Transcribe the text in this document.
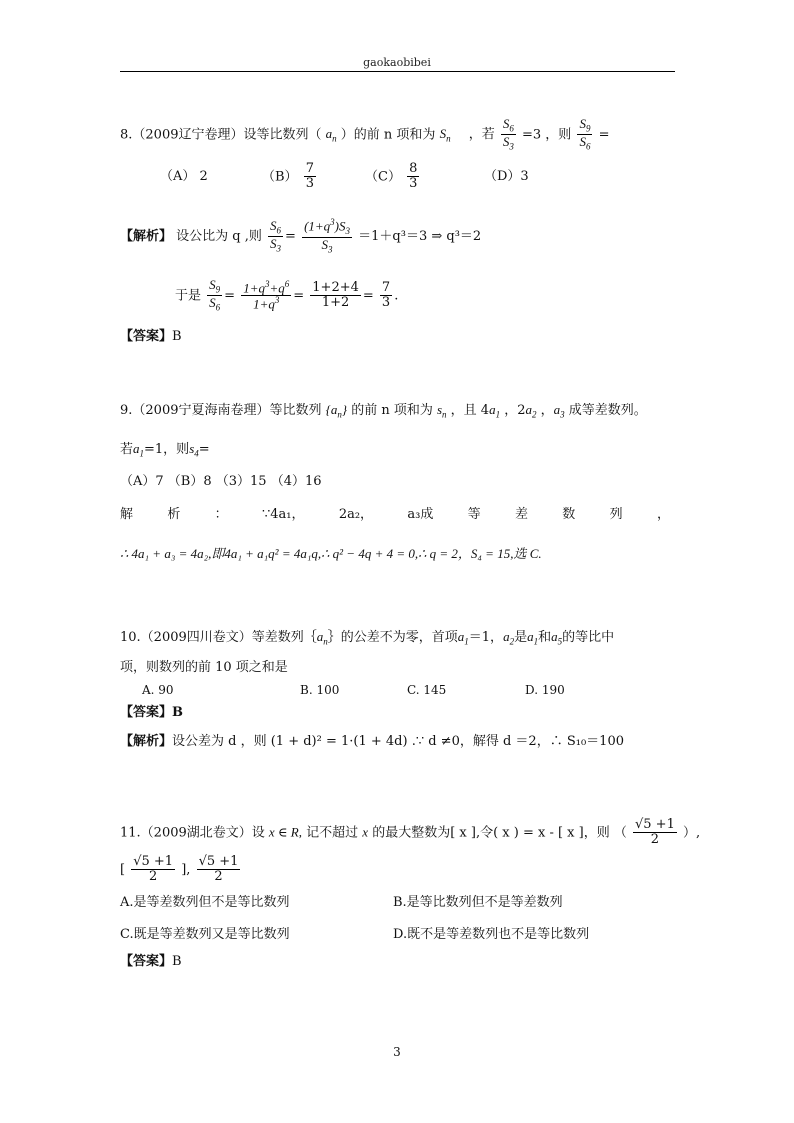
gaokaobibei
8.（2009辽宁卷理）设等比数列（ $a_n$ ）的前 n 项和为 $S_n$ ，若 $\frac{S_6}{S_3} =3$ ，则 $\frac{S_9}{S_6}$ =
（A） 2	$(B) \frac{7}{3}$	$(C) \frac{8}{3}$	（D）3
【解析】 设公比为 q ,则 $\frac{S_6}{S_3} = \frac{(1+q^3)S_3}{S_3} =1+q^3=3$ ⇒ q³＝2
于是 $\frac{S_9}{S_6} = \frac{1+q^3+q^6}{1+q^3} = \frac{1+2+4}{1+2} = \frac{7}{3}$ .
【答案】B
9.（2009宁夏海南卷理）等比数列 $\{a_n\}$ 的前 n 项和为 $s_n$ ，且 $4a_1$ ，$2a_2$ ，$a_3$ 成等差数列。
若$a_1=1$，则$s_4=$
（A）7 （B）8 （3）15 （4）16
解	析	：	∵4a₁，	2a₂，	a₃成	等	差	数	列	，
∴ 4a₁ + a₃ = 4a₂,即4a₁ + a₁q² = 4a₁q,∴ q² − 4q + 4 = 0,∴ q = 2，S₄ = 15,选 C.
10.（2009四川卷文）等差数列$\{a_n\}$的公差不为零，首项$a_1=1$，$a_2$是$a_1$和$a_5$的等比中
项，则数列的前 10 项之和是
A. 90	B. 100	C. 145	D. 190
【答案】B
【解析】设公差为 d ，则 (1 + d)² = 1·(1 + 4d) .∵ d ≠0，解得 d ＝2，∴ S₁₀＝100
11.（2009湖北卷文）设 x ∈ R, 记不超过 x 的最大整数为[ x ],令( x ) = x - [ x ]，则 （ $\frac{√5 +1}{2}$ ）,
[ $\frac{√5 +1}{2}$ ], $\frac{√5 +1}{2}$
A.是等差数列但不是等比数列	B.是等比数列但不是等差数列
C.既是等差数列又是等比数列	D.既不是等差数列也不是等比数列
【答案】B
3
